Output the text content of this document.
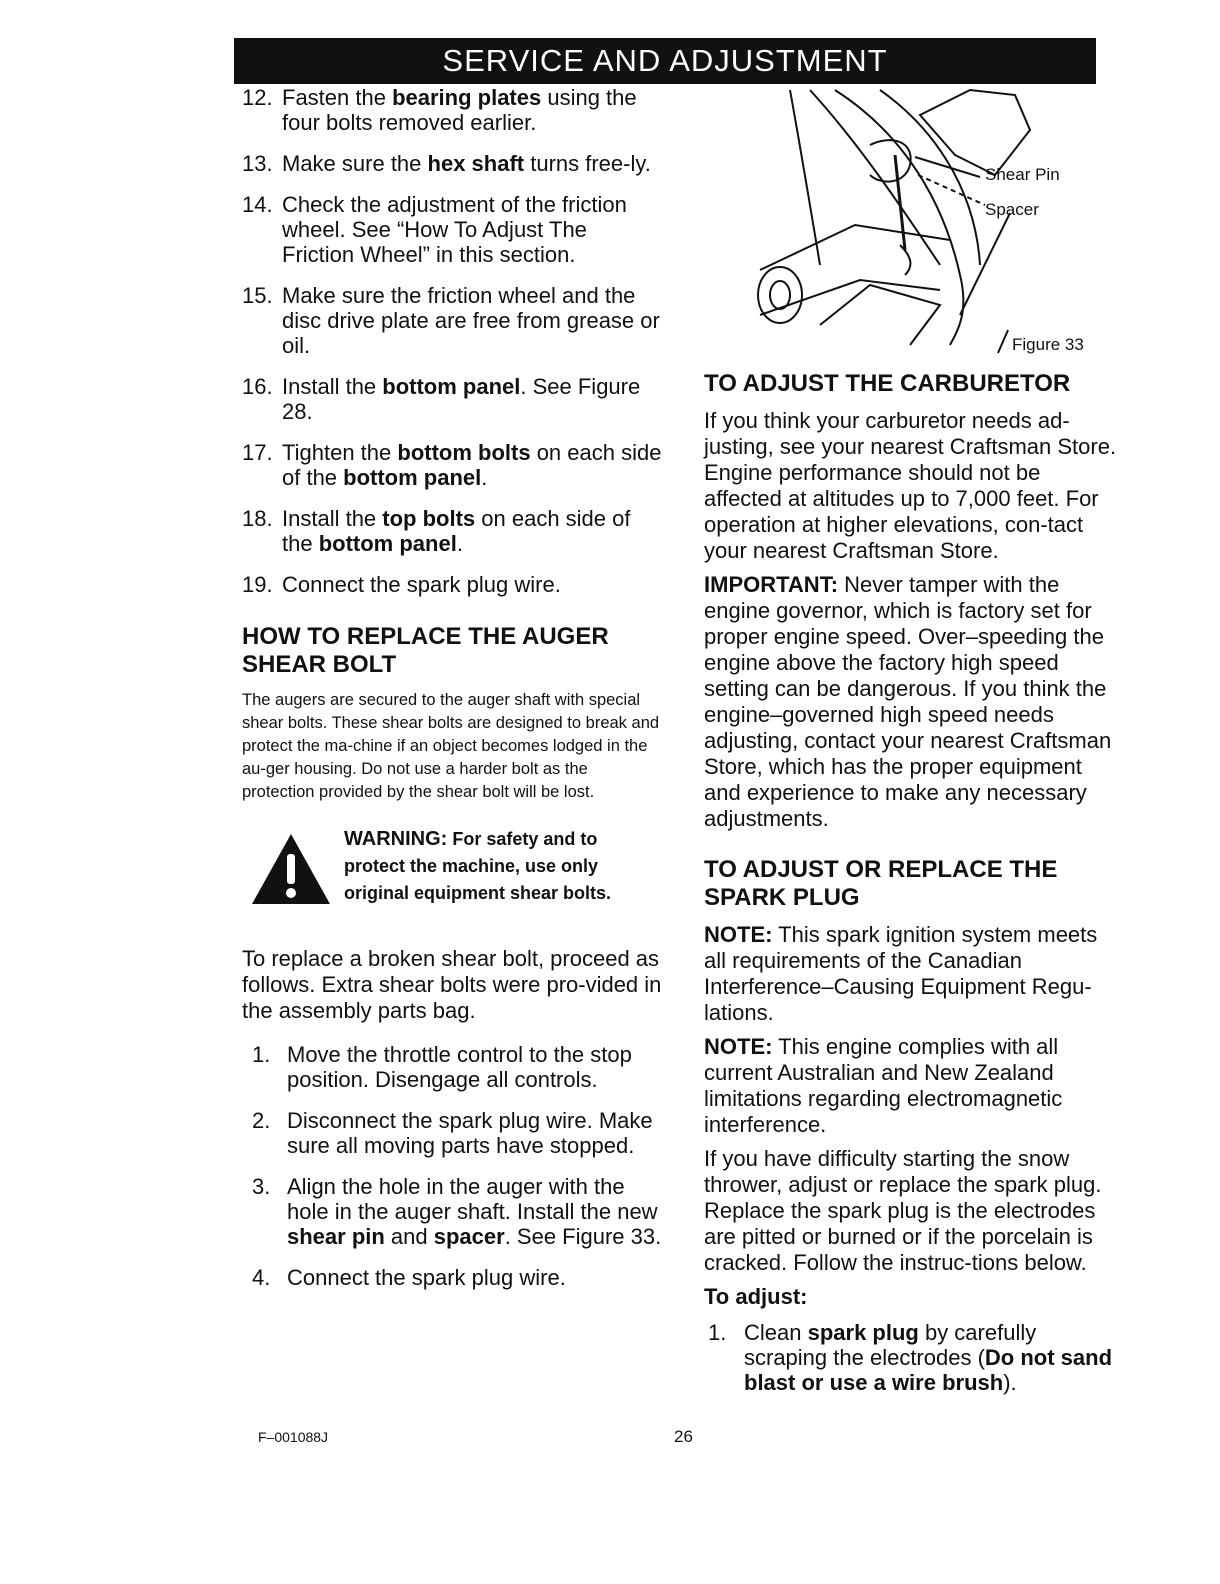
SERVICE AND ADJUSTMENT
12. Fasten the bearing plates using the four bolts removed earlier.
13. Make sure the hex shaft turns free-ly.
14. Check the adjustment of the friction wheel. See “How To Adjust The Friction Wheel” in this section.
15. Make sure the friction wheel and the disc drive plate are free from grease or oil.
16. Install the bottom panel. See Figure 28.
17. Tighten the bottom bolts on each side of the bottom panel.
18. Install the top bolts on each side of the bottom panel.
19. Connect the spark plug wire.
HOW TO REPLACE THE AUGER SHEAR BOLT

The augers are secured to the auger shaft with special shear bolts. These shear bolts are designed to break and protect the ma-chine if an object becomes lodged in the au-ger housing. Do not use a harder bolt as the protection provided by the shear bolt will be lost.

WARNING: For safety and to protect the machine, use only original equipment shear bolts.

To replace a broken shear bolt, proceed as follows. Extra shear bolts were pro-vided in the assembly parts bag.

1. Move the throttle control to the stop position. Disengage all controls.
2. Disconnect the spark plug wire. Make sure all moving parts have stopped.
3. Align the hole in the auger with the hole in the auger shaft. Install the new shear pin and spacer. See Figure 33.
4. Connect the spark plug wire.
Shear Pin
Spacer
Figure 33
TO ADJUST THE CARBURETOR

If you think your carburetor needs ad-justing, see your nearest Craftsman Store. Engine performance should not be affected at altitudes up to 7,000 feet. For operation at higher elevations, con-tact your nearest Craftsman Store.

IMPORTANT: Never tamper with the engine governor, which is factory set for proper engine speed. Over–speeding the engine above the factory high speed setting can be dangerous. If you think the engine–governed high speed needs adjusting, contact your nearest Craftsman Store, which has the proper equipment and experience to make any necessary adjustments.

TO ADJUST OR REPLACE THE SPARK PLUG

NOTE: This spark ignition system meets all requirements of the Canadian Interference–Causing Equipment Regu-lations.

NOTE: This engine complies with all current Australian and New Zealand limitations regarding electromagnetic interference.

If you have difficulty starting the snow thrower, adjust or replace the spark plug. Replace the spark plug is the electrodes are pitted or burned or if the porcelain is cracked. Follow the instruc-tions below.

To adjust:

1. Clean spark plug by carefully scraping the electrodes (Do not sand blast or use a wire brush).
F–001088J	26
